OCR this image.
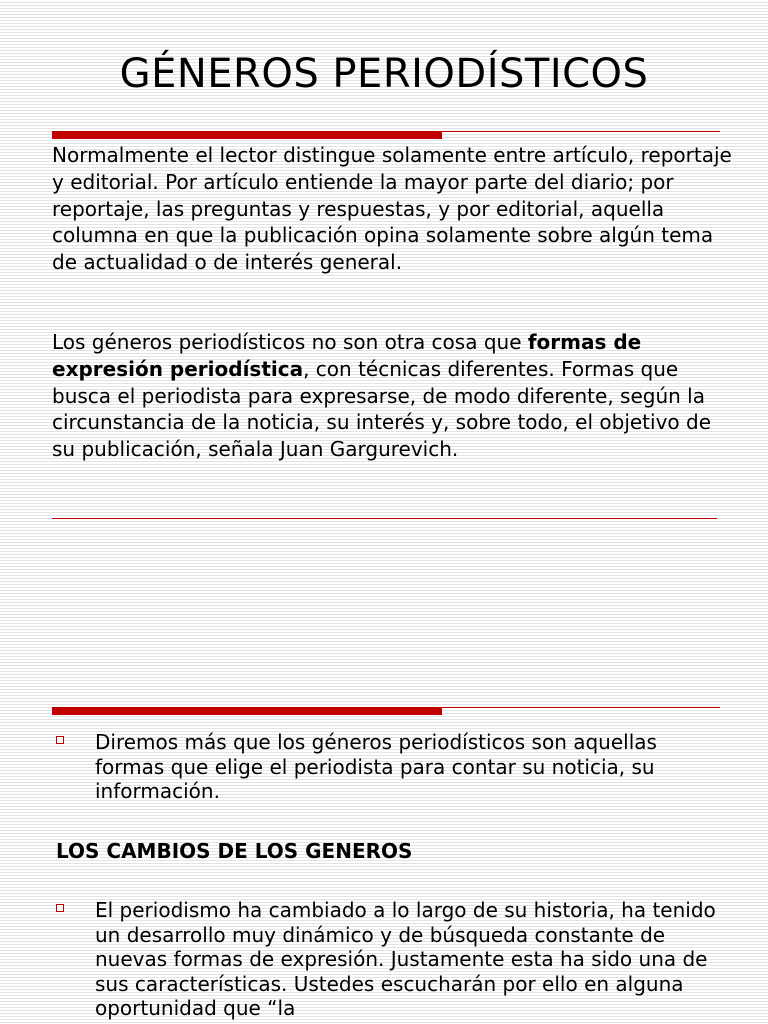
GÉNEROS PERIODÍSTICOS

Normalmente el lector distingue solamente entre artículo, reportaje y editorial. Por artículo entiende la mayor parte del diario; por reportaje, las preguntas y respuestas, y por editorial, aquella columna en que la publicación opina solamente sobre algún tema de actualidad o de interés general.

Los géneros periodísticos no son otra cosa que formas de expresión periodística, con técnicas diferentes. Formas que busca el periodista para expresarse, de modo diferente, según la circunstancia de la noticia, su interés y, sobre todo, el objetivo de su publicación, señala Juan Gargurevich.

Diremos más que los géneros periodísticos son aquellas formas que elige el periodista para contar su noticia, su información.

LOS CAMBIOS DE LOS GENEROS

El periodismo ha cambiado a lo largo de su historia, ha tenido un desarrollo muy dinámico y de búsqueda constante de nuevas formas de expresión. Justamente esta ha sido una de sus características. Ustedes escucharán por ello en alguna oportunidad que “la
